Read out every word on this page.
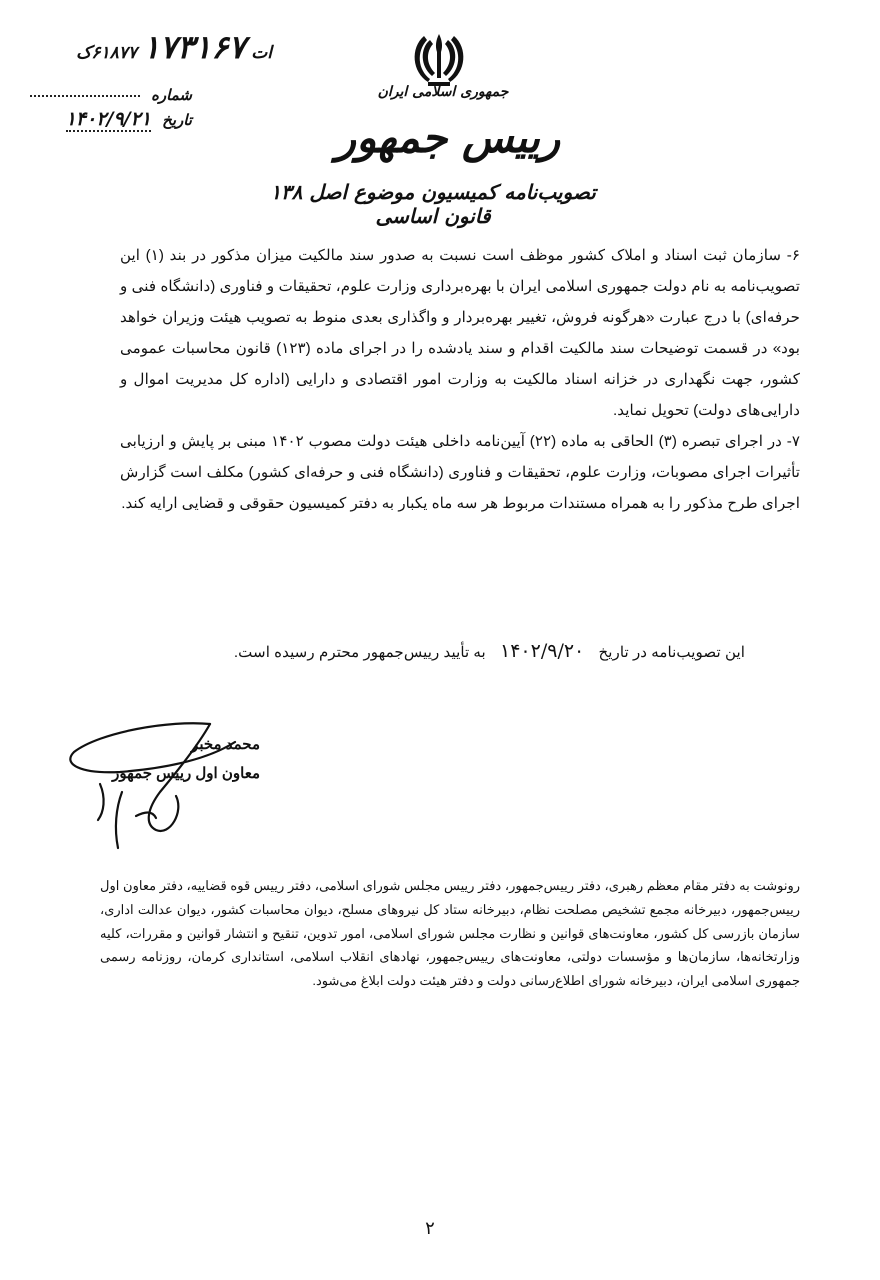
ات ۱۷۳۱۶۷ ۶۱۸۷۷ک
شماره
تاریخ ۱۴۰۲/۹/۲۱
جمهوری اسلامی ایران
رییس جمهور
تصویب‌نامه کمیسیون موضوع اصل ۱۳۸ قانون اساسی

۶- سازمان ثبت اسناد و املاک کشور موظف است نسبت به صدور سند مالکیت میزان مذکور در بند (۱) این تصویب‌نامه به نام دولت جمهوری اسلامی ایران با بهره‌برداری وزارت علوم، تحقیقات و فناوری (دانشگاه فنی و حرفه‌ای) با درج عبارت «هرگونه فروش، تغییر بهره‌بردار و واگذاری بعدی منوط به تصویب هیئت وزیران خواهد بود» در قسمت توضیحات سند مالکیت اقدام و سند یادشده را در اجرای ماده (۱۲۳) قانون محاسبات عمومی کشور، جهت نگهداری در خزانه اسناد مالکیت به وزارت امور اقتصادی و دارایی (اداره کل مدیریت اموال و دارایی‌های دولت) تحویل نماید.

۷- در اجرای تبصره (۳) الحاقی به ماده (۲۲) آیین‌نامه داخلی هیئت دولت مصوب ۱۴۰۲ مبنی بر پایش و ارزیابی تأثیرات اجرای مصوبات، وزارت علوم، تحقیقات و فناوری (دانشگاه فنی و حرفه‌ای کشور) مکلف است گزارش اجرای طرح مذکور را به همراه مستندات مربوط هر سه ماه یکبار به دفتر کمیسیون حقوقی و قضایی ارایه کند.

این تصویب‌نامه در تاریخ ۱۴۰۲/۹/۲۰ به تأیید رییس‌جمهور محترم رسیده است.
محمد مخبر
معاون اول رییس جمهور
رونوشت به دفتر مقام معظم رهبری، دفتر رییس‌جمهور، دفتر رییس مجلس شورای اسلامی، دفتر رییس قوه قضاییه، دفتر معاون اول رییس‌جمهور، دبیرخانه مجمع تشخیص مصلحت نظام، دبیرخانه ستاد کل نیروهای مسلح، دیوان محاسبات کشور، دیوان عدالت اداری، سازمان بازرسی کل کشور، معاونت‌های قوانین و نظارت مجلس شورای اسلامی، امور تدوین، تنقیح و انتشار قوانین و مقررات، کلیه وزارتخانه‌ها، سازمان‌ها و مؤسسات دولتی، معاونت‌های رییس‌جمهور، نهادهای انقلاب اسلامی، استانداری کرمان، روزنامه رسمی جمهوری اسلامی ایران، دبیرخانه شورای اطلاع‌رسانی دولت و دفتر هیئت دولت ابلاغ می‌شود.
۲
